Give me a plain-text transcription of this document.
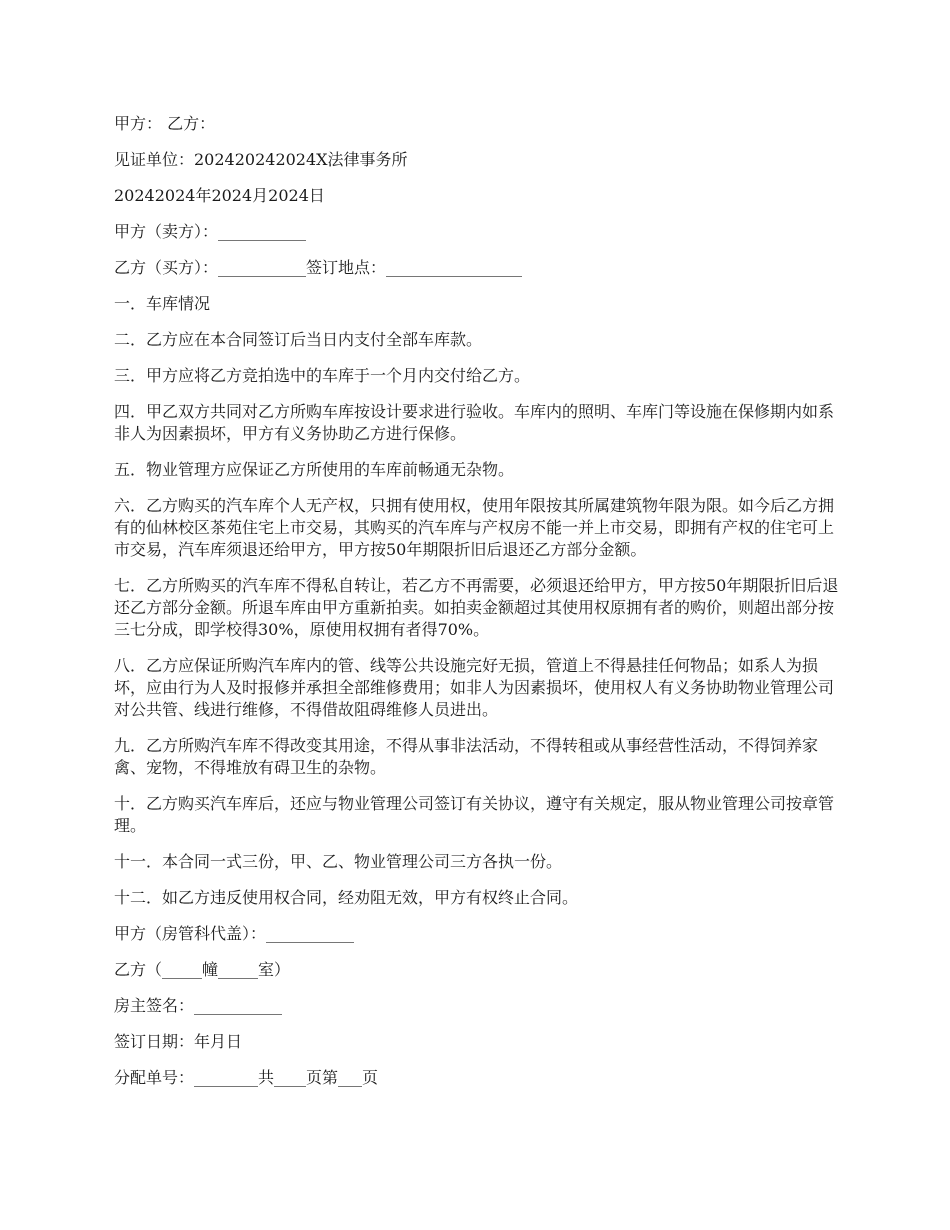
甲方： 乙方：

见证单位：202420242024X法律事务所

20242024年2024月2024日

甲方（卖方）：___________

乙方（买方）：___________签订地点：_________________

一．车库情况

二．乙方应在本合同签订后当日内支付全部车库款。

三．甲方应将乙方竞拍选中的车库于一个月内交付给乙方。

四．甲乙双方共同对乙方所购车库按设计要求进行验收。车库内的照明、车库门等设施在保修期内如系非人为因素损坏，甲方有义务协助乙方进行保修。

五．物业管理方应保证乙方所使用的车库前畅通无杂物。

六．乙方购买的汽车库个人无产权，只拥有使用权，使用年限按其所属建筑物年限为限。如今后乙方拥有的仙林校区茶苑住宅上市交易，其购买的汽车库与产权房不能一并上市交易，即拥有产权的住宅可上市交易，汽车库须退还给甲方，甲方按50年期限折旧后退还乙方部分金额。

七．乙方所购买的汽车库不得私自转让，若乙方不再需要，必须退还给甲方，甲方按50年期限折旧后退还乙方部分金额。所退车库由甲方重新拍卖。如拍卖金额超过其使用权原拥有者的购价，则超出部分按三七分成，即学校得30%，原使用权拥有者得70%。

八．乙方应保证所购汽车库内的管、线等公共设施完好无损，管道上不得悬挂任何物品；如系人为损坏，应由行为人及时报修并承担全部维修费用；如非人为因素损坏，使用权人有义务协助物业管理公司对公共管、线进行维修，不得借故阻碍维修人员进出。

九．乙方所购汽车库不得改变其用途，不得从事非法活动，不得转租或从事经营性活动，不得饲养家禽、宠物，不得堆放有碍卫生的杂物。

十．乙方购买汽车库后，还应与物业管理公司签订有关协议，遵守有关规定，服从物业管理公司按章管理。

十一．本合同一式三份，甲、乙、物业管理公司三方各执一份。

十二．如乙方违反使用权合同，经劝阻无效，甲方有权终止合同。

甲方（房管科代盖）：___________

乙方（_____幢_____室）

房主签名：___________

签订日期：年月日

分配单号：________共____页第___页
